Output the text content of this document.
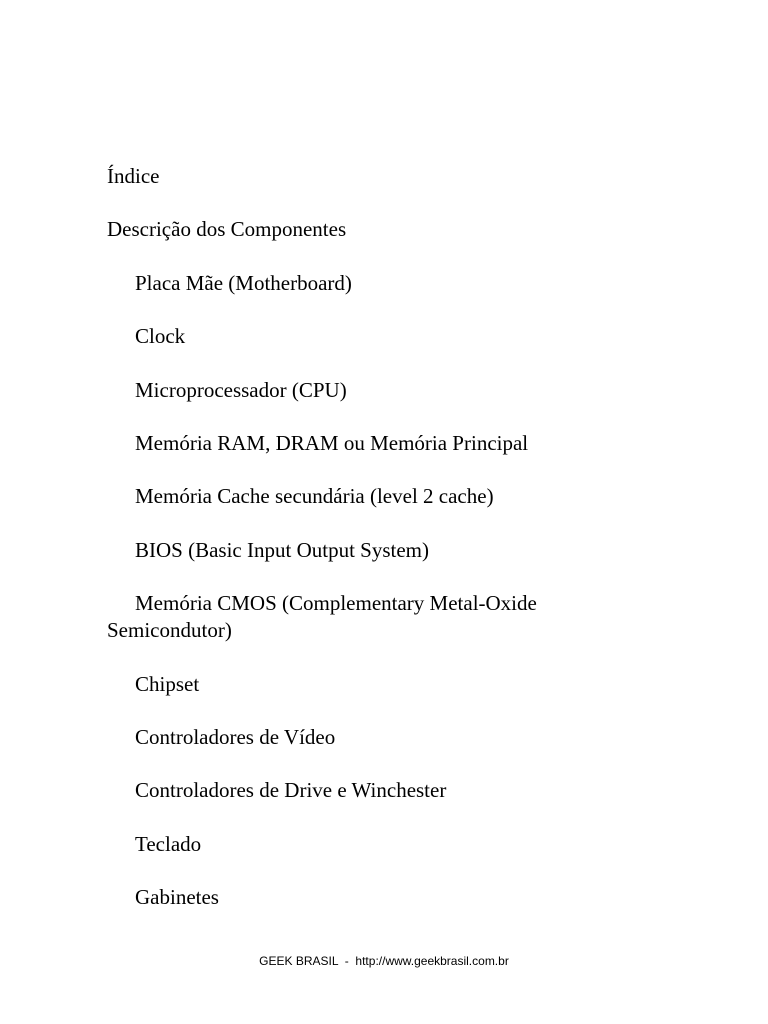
Índice
Descrição dos Componentes
Placa Mãe (Motherboard)
Clock
Microprocessador (CPU)
Memória RAM, DRAM ou Memória Principal
Memória Cache secundária (level 2 cache)
BIOS (Basic Input Output System)
Memória CMOS (Complementary Metal-Oxide Semicondutor)
Chipset
Controladores de Vídeo
Controladores de Drive e Winchester
Teclado
Gabinetes
GEEK BRASIL  -  http://www.geekbrasil.com.br
